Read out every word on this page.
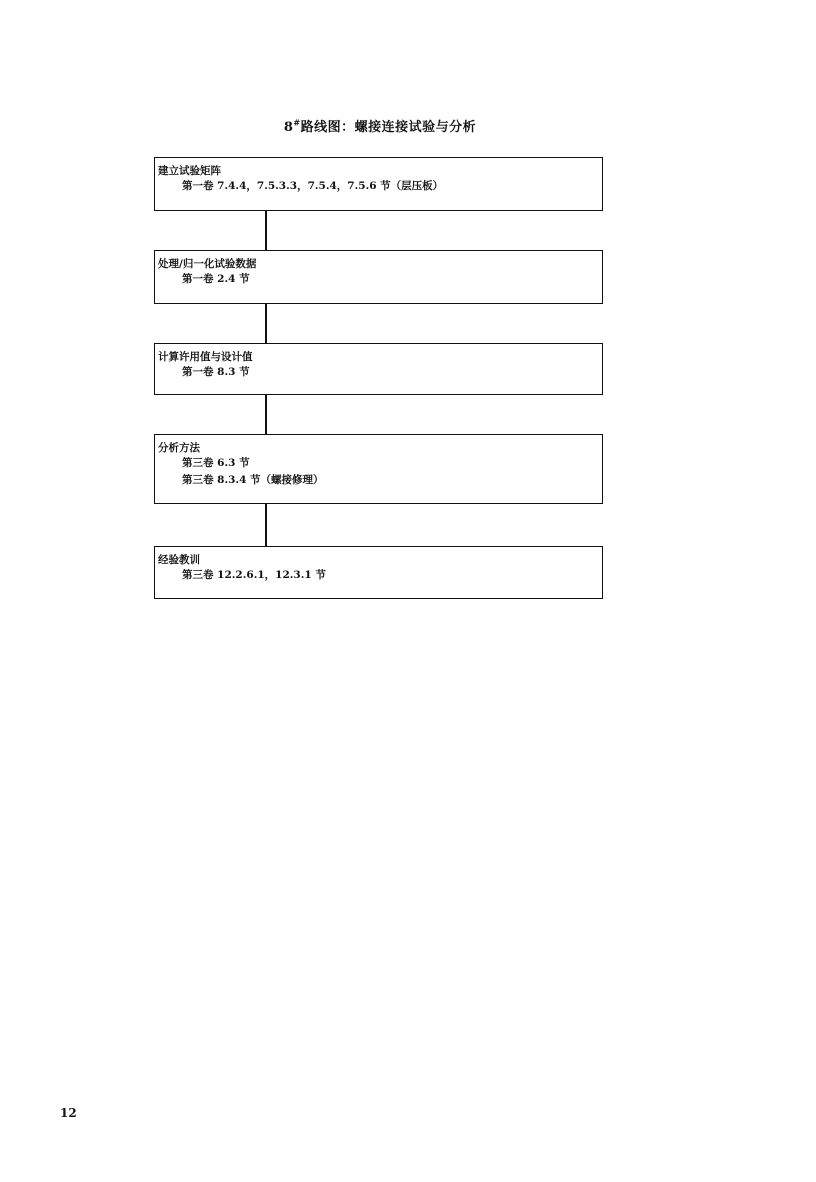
8#路线图：螺接连接试验与分析
建立试验矩阵
第一卷 7.4.4，7.5.3.3，7.5.4，7.5.6 节（层压板）
处理/归一化试验数据
第一卷 2.4 节
计算许用值与设计值
第一卷 8.3 节
分析方法
第三卷 6.3 节
第三卷 8.3.4 节（螺接修理）
经验教训
第三卷 12.2.6.1，12.3.1 节
12
